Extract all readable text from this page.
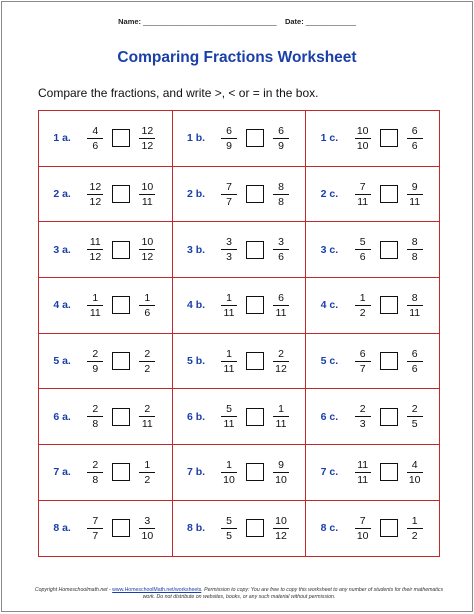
Name: ________________________________ Date: ____________
Comparing Fractions Worksheet
Compare the fractions, and write >, < or = in the box.
1 a. $\frac{4}{6} \frac{12}{12}$	1 b. $\frac{6}{9} \frac{6}{9}$	1 c. $\frac{10}{10} \frac{6}{6}$

2 a. $\frac{12}{12} \frac{10}{11}$	2 b. $\frac{7}{7} \frac{8}{8}$	2 c. $\frac{7}{11} \frac{9}{11}$

3 a. $\frac{11}{12} \frac{10}{12}$	3 b. $\frac{3}{3} \frac{3}{6}$	3 c. $\frac{5}{6} \frac{8}{8}$

4 a. $\frac{1}{11} \frac{1}{6}$	4 b. $\frac{1}{11} \frac{6}{11}$	4 c. $\frac{1}{2} \frac{8}{11}$

5 a. $\frac{2}{9} \frac{2}{2}$	5 b. $\frac{1}{11} \frac{2}{12}$	5 c. $\frac{6}{7} \frac{6}{6}$

6 a. $\frac{2}{8} \frac{2}{11}$	6 b. $\frac{5}{11} \frac{1}{11}$	6 c. $\frac{2}{3} \frac{2}{5}$

7 a. $\frac{2}{8} \frac{1}{2}$	7 b. $\frac{1}{10} \frac{9}{10}$	7 c. $\frac{11}{11} \frac{4}{10}$

8 a. $\frac{7}{7} \frac{3}{10}$	8 b. $\frac{5}{5} \frac{10}{12}$	8 c. $\frac{7}{10} \frac{1}{2}$
Copyright Homeschoolmath.net - www.HomeschoolMath.net/worksheets. Permission to copy: You are free to copy this worksheet to any number of students for their mathematics work. Do not distribute on websites, books, or any such material without permission.
